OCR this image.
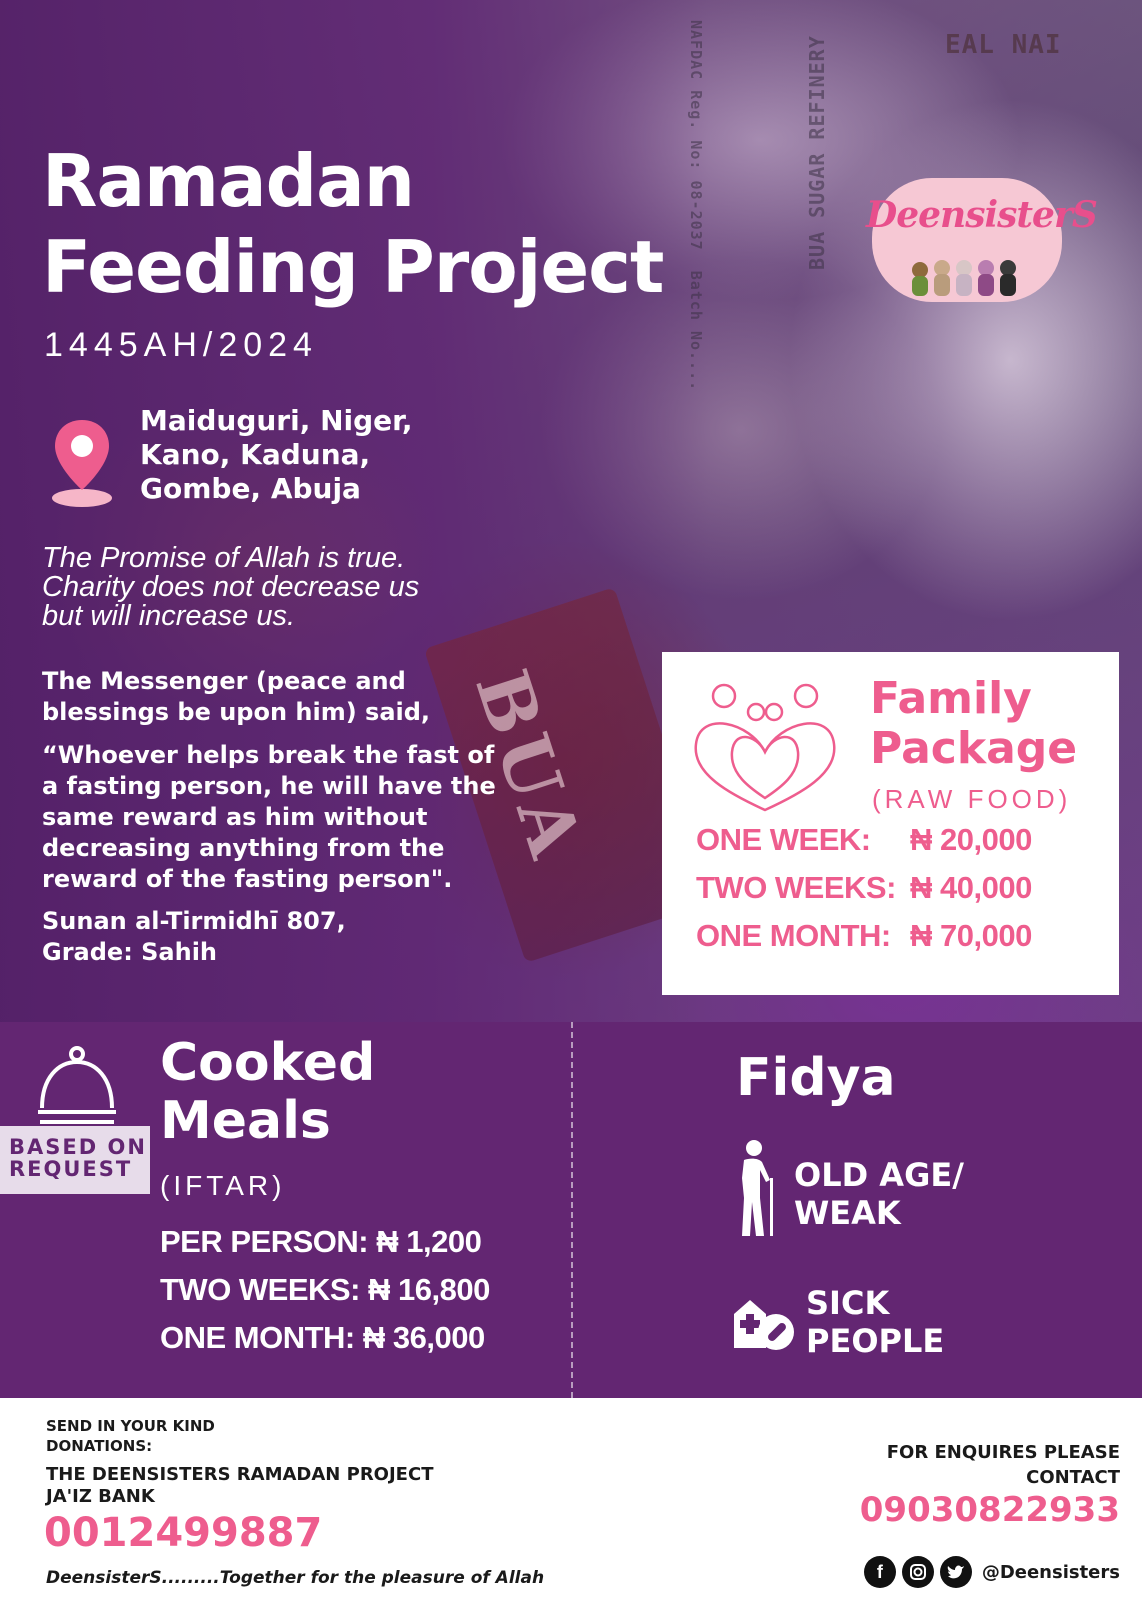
NAFDAC Reg. No: 08-2037  Batch No....	BUA SUGAR REFINERY	EAL NAI
BUA
Ramadan
Feeding Project
1445AH/2024
Maiduguri, Niger,
Kano, Kaduna,
Gombe, Abuja
The Promise of Allah is true.
Charity does not decrease us
but will increase us.
The Messenger (peace and
blessings be upon him) said,
“Whoever helps break the fast of
a fasting person, he will have the
same reward as him without
decreasing anything from the
reward of the fasting person".
Sunan al-Tirmidhī 807,
Grade: Sahih
DeensisterS
Family
Package
(RAW FOOD)
ONE WEEK: ₦ 20,000
TWO WEEKS: ₦ 40,000
ONE MONTH: ₦ 70,000
BASED ON
REQUEST
Cooked
Meals
(IFTAR)
PER PERSON: ₦ 1,200
TWO WEEKS: ₦ 16,800
ONE MONTH: ₦ 36,000
Fidya
OLD AGE/
WEAK
SICK
PEOPLE
SEND IN YOUR KIND
DONATIONS:
THE DEENSISTERS RAMADAN PROJECT
JA'IZ BANK
0012499887
DeensisterS.........Together for the pleasure of Allah
FOR ENQUIRES PLEASE
CONTACT
09030822933
f	@Deensisters
